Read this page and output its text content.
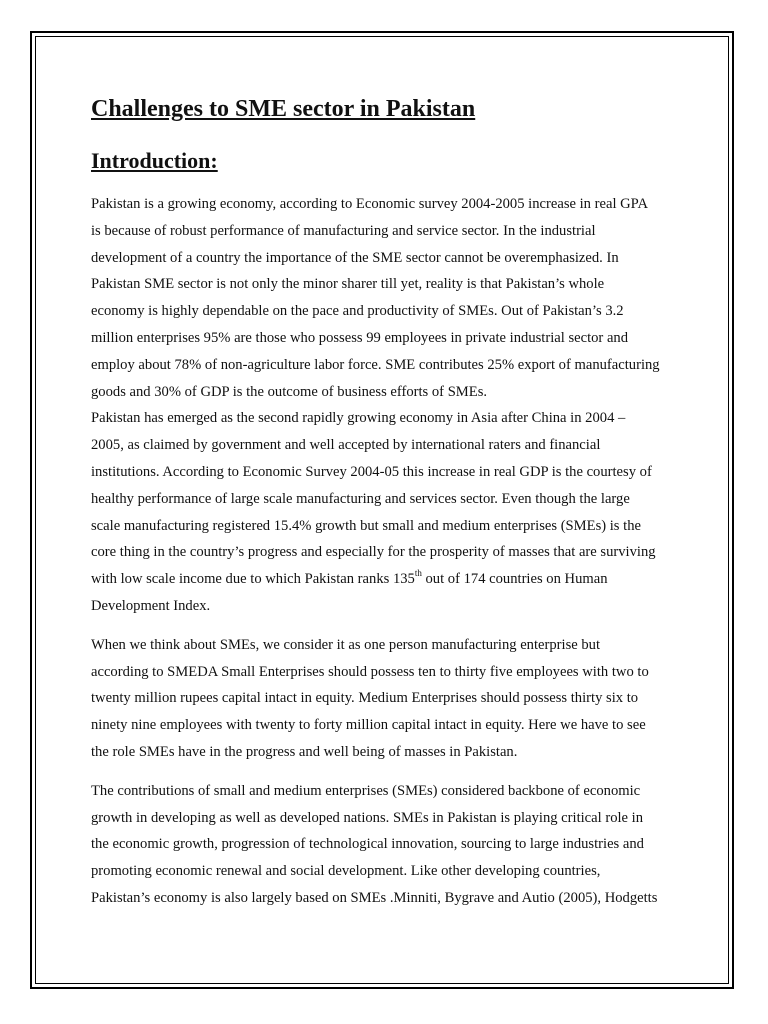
Challenges to SME sector in Pakistan
Introduction:

Pakistan is a growing economy, according to Economic survey 2004-2005 increase in real GPA
is because of robust performance of manufacturing and service sector. In the industrial
development of a country the importance of the SME sector cannot be overemphasized. In
Pakistan SME sector is not only the minor sharer till yet, reality is that Pakistan’s whole
economy is highly dependable on the pace and productivity of SMEs. Out of Pakistan’s 3.2
million enterprises 95% are those who possess 99 employees in private industrial sector and
employ about 78% of non-agriculture labor force. SME contributes 25% export of manufacturing
goods and 30% of GDP is the outcome of business efforts of SMEs.

Pakistan has emerged as the second rapidly growing economy in Asia after China in 2004 –
2005, as claimed by government and well accepted by international raters and financial
institutions. According to Economic Survey 2004-05 this increase in real GDP is the courtesy of
healthy performance of large scale manufacturing and services sector. Even though the large
scale manufacturing registered 15.4% growth but small and medium enterprises (SMEs) is the
core thing in the country’s progress and especially for the prosperity of masses that are surviving
with low scale income due to which Pakistan ranks 135th out of 174 countries on Human
Development Index.

When we think about SMEs, we consider it as one person manufacturing enterprise but
according to SMEDA Small Enterprises should possess ten to thirty five employees with two to
twenty million rupees capital intact in equity. Medium Enterprises should possess thirty six to
ninety nine employees with twenty to forty million capital intact in equity. Here we have to see
the role SMEs have in the progress and well being of masses in Pakistan.

The contributions of small and medium enterprises (SMEs) considered backbone of economic
growth in developing as well as developed nations. SMEs in Pakistan is playing critical role in
the economic growth, progression of technological innovation, sourcing to large industries and
promoting economic renewal and social development. Like other developing countries,
Pakistan’s economy is also largely based on SMEs .Minniti, Bygrave and Autio (2005), Hodgetts
